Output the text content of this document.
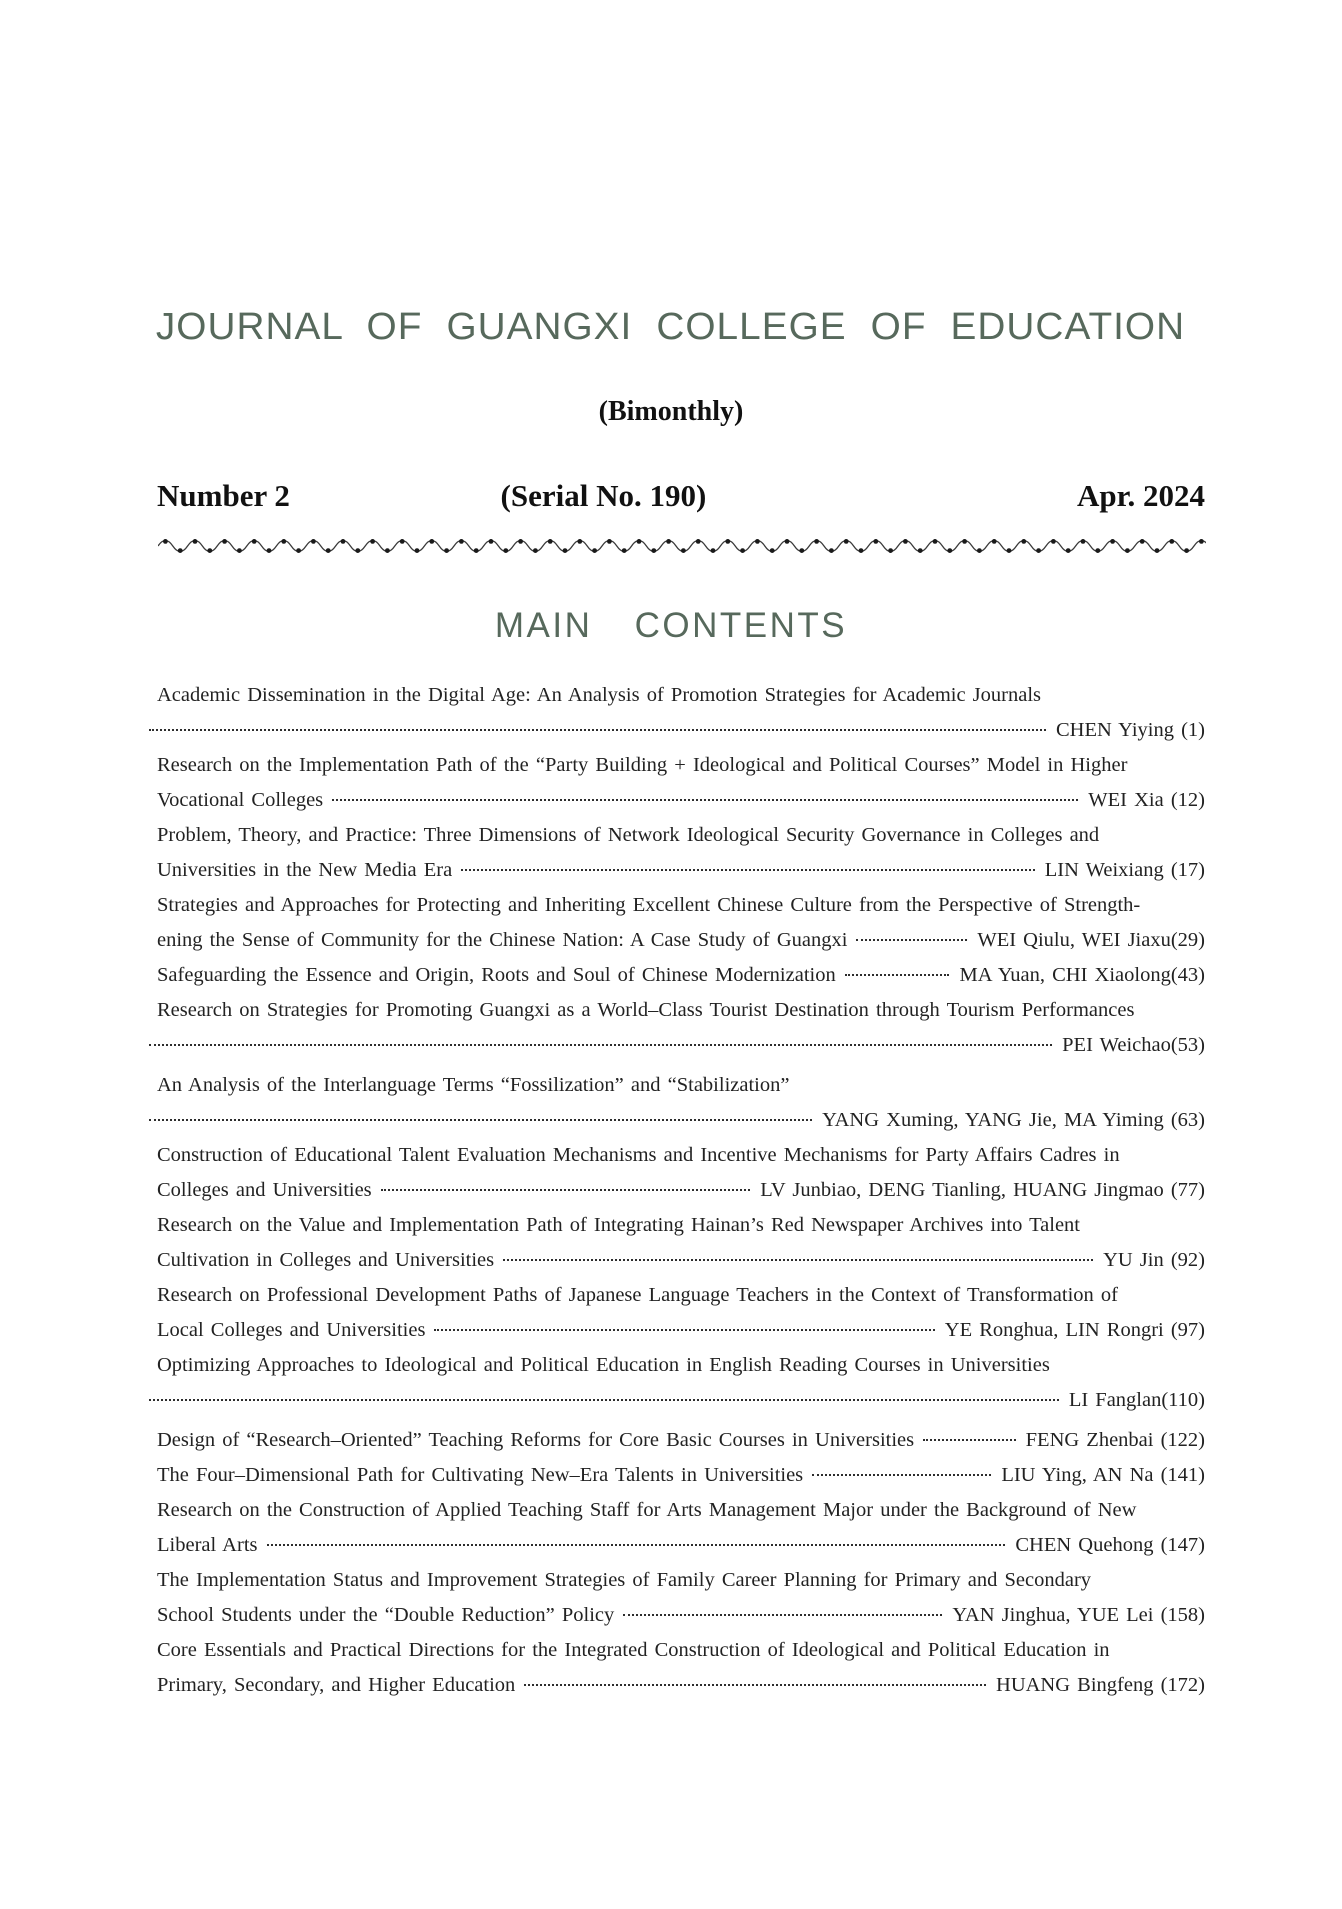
JOURNAL OF GUANGXI COLLEGE OF EDUCATION
(Bimonthly)
Number 2	(Serial No. 190)	Apr. 2024
MAIN CONTENTS
Academic Dissemination in the Digital Age: An Analysis of Promotion Strategies for Academic Journals
CHEN Yiying (1)
Research on the Implementation Path of the “Party Building + Ideological and Political Courses” Model in Higher
Vocational Colleges	WEI Xia (12)
Problem, Theory, and Practice: Three Dimensions of Network Ideological Security Governance in Colleges and
Universities in the New Media Era	LIN Weixiang (17)
Strategies and Approaches for Protecting and Inheriting Excellent Chinese Culture from the Perspective of Strength-
ening the Sense of Community for the Chinese Nation: A Case Study of Guangxi	WEI Qiulu, WEI Jiaxu(29)
Safeguarding the Essence and Origin, Roots and Soul of Chinese Modernization	MA Yuan, CHI Xiaolong(43)
Research on Strategies for Promoting Guangxi as a World–Class Tourist Destination through Tourism Performances
PEI Weichao(53)
An Analysis of the Interlanguage Terms “Fossilization” and “Stabilization”
YANG Xuming, YANG Jie, MA Yiming (63)
Construction of Educational Talent Evaluation Mechanisms and Incentive Mechanisms for Party Affairs Cadres in
Colleges and Universities	LV Junbiao, DENG Tianling, HUANG Jingmao (77)
Research on the Value and Implementation Path of Integrating Hainan’s Red Newspaper Archives into Talent
Cultivation in Colleges and Universities	YU Jin (92)
Research on Professional Development Paths of Japanese Language Teachers in the Context of Transformation of
Local Colleges and Universities	YE Ronghua, LIN Rongri (97)
Optimizing Approaches to Ideological and Political Education in English Reading Courses in Universities
LI Fanglan(110)
Design of “Research–Oriented” Teaching Reforms for Core Basic Courses in Universities	FENG Zhenbai (122)
The Four–Dimensional Path for Cultivating New–Era Talents in Universities	LIU Ying, AN Na (141)
Research on the Construction of Applied Teaching Staff for Arts Management Major under the Background of New
Liberal Arts	CHEN Quehong (147)
The Implementation Status and Improvement Strategies of Family Career Planning for Primary and Secondary
School Students under the “Double Reduction” Policy	YAN Jinghua, YUE Lei (158)
Core Essentials and Practical Directions for the Integrated Construction of Ideological and Political Education in
Primary, Secondary, and Higher Education	HUANG Bingfeng (172)
